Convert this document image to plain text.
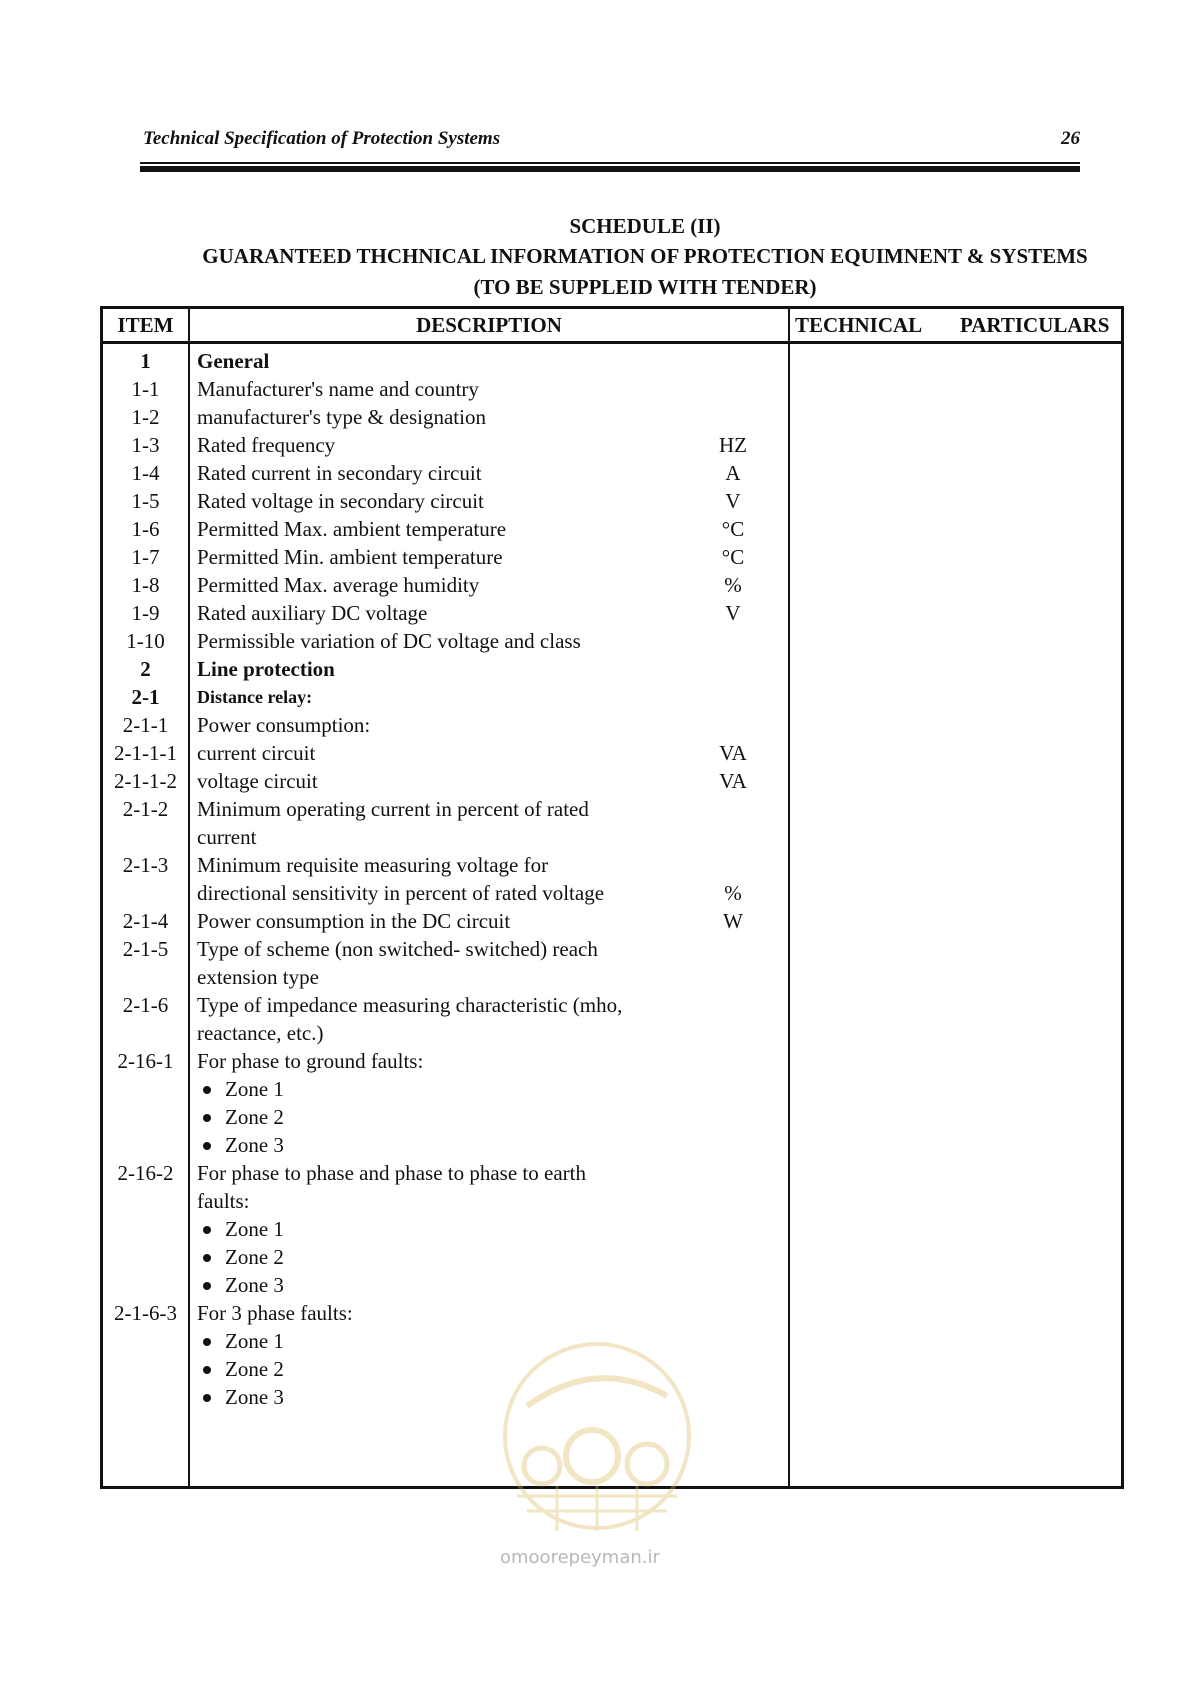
Technical Specification of Protection Systems	26
SCHEDULE (II)
GUARANTEED THCHNICAL INFORMATION OF PROTECTION EQUIMNENT & SYSTEMS
(TO BE SUPPLEID WITH TENDER)
ITEM	DESCRIPTION	TECHNICAL PARTICULARS
1	General
1-1	Manufacturer's name and country
1-2	manufacturer's type & designation
1-3	Rated frequency	HZ
1-4	Rated current in secondary circuit	A
1-5	Rated voltage in secondary circuit	V
1-6	Permitted Max. ambient temperature	°C
1-7	Permitted Min. ambient temperature	°C
1-8	Permitted Max. average humidity	%
1-9	Rated auxiliary DC voltage	V
1-10	Permissible variation of DC voltage and class
2	Line protection
2-1	Distance relay:
2-1-1	Power consumption:
2-1-1-1 current circuit	VA
2-1-1-2 voltage circuit	VA
2-1-2	Minimum operating current in percent of rated
current
2-1-3	Minimum requisite measuring voltage for
directional sensitivity in percent of rated voltage	%
2-1-4	Power consumption in the DC circuit	W
2-1-5	Type of scheme (non switched- switched) reach
extension type
2-1-6	Type of impedance measuring characteristic (mho,
reactance, etc.)
2-16-1	For phase to ground faults:
Zone 1
Zone 2
Zone 3
2-16-2	For phase to phase and phase to phase to earth
faults:
Zone 1
Zone 2
Zone 3
2-1-6-3 For 3 phase faults:
Zone 1
Zone 2
Zone 3
omoorepeyman.ir
